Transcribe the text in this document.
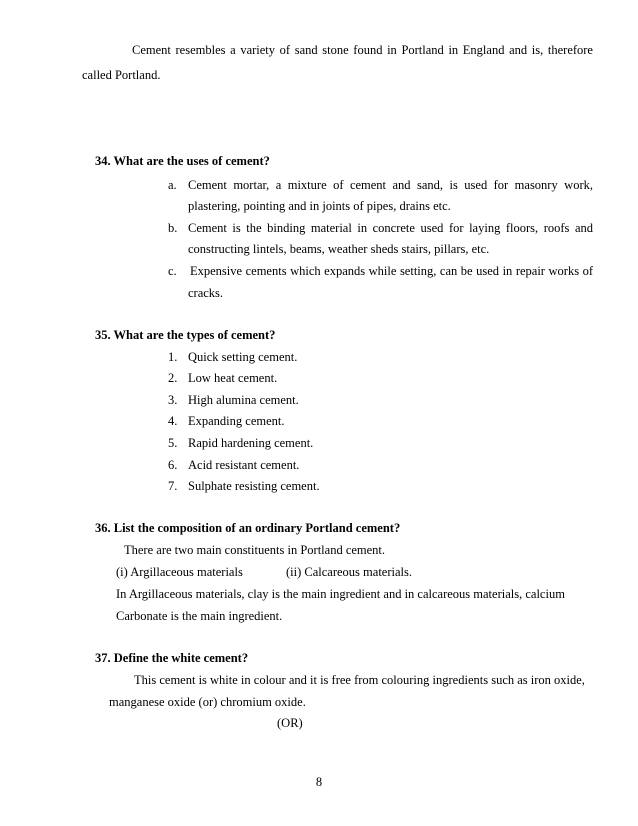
Cement resembles a variety of sand stone found in Portland in England and is, therefore
called Portland.
34. What are the uses of cement?
a. Cement mortar, a mixture of cement and sand, is used for masonry work,
plastering, pointing and in joints of pipes, drains etc.
b. Cement is the binding material in concrete used for laying floors, roofs and
constructing lintels, beams, weather sheds stairs, pillars, etc.
c. Expensive cements which expands while setting, can be used in repair works of
cracks.
35. What are the types of cement?
1. Quick setting cement.
2. Low heat cement.
3. High alumina cement.
4. Expanding cement.
5. Rapid hardening cement.
6. Acid resistant cement.
7. Sulphate resisting cement.
36. List the composition of an ordinary Portland cement?
There are two main constituents in Portland cement.
(i) Argillaceous materials	(ii) Calcareous materials.
In Argillaceous materials, clay is the main ingredient and in calcareous materials, calcium
Carbonate is the main ingredient.
37. Define the white cement?
This cement is white in colour and it is free from colouring ingredients such as iron oxide,
manganese oxide (or) chromium oxide.
(OR)
8
